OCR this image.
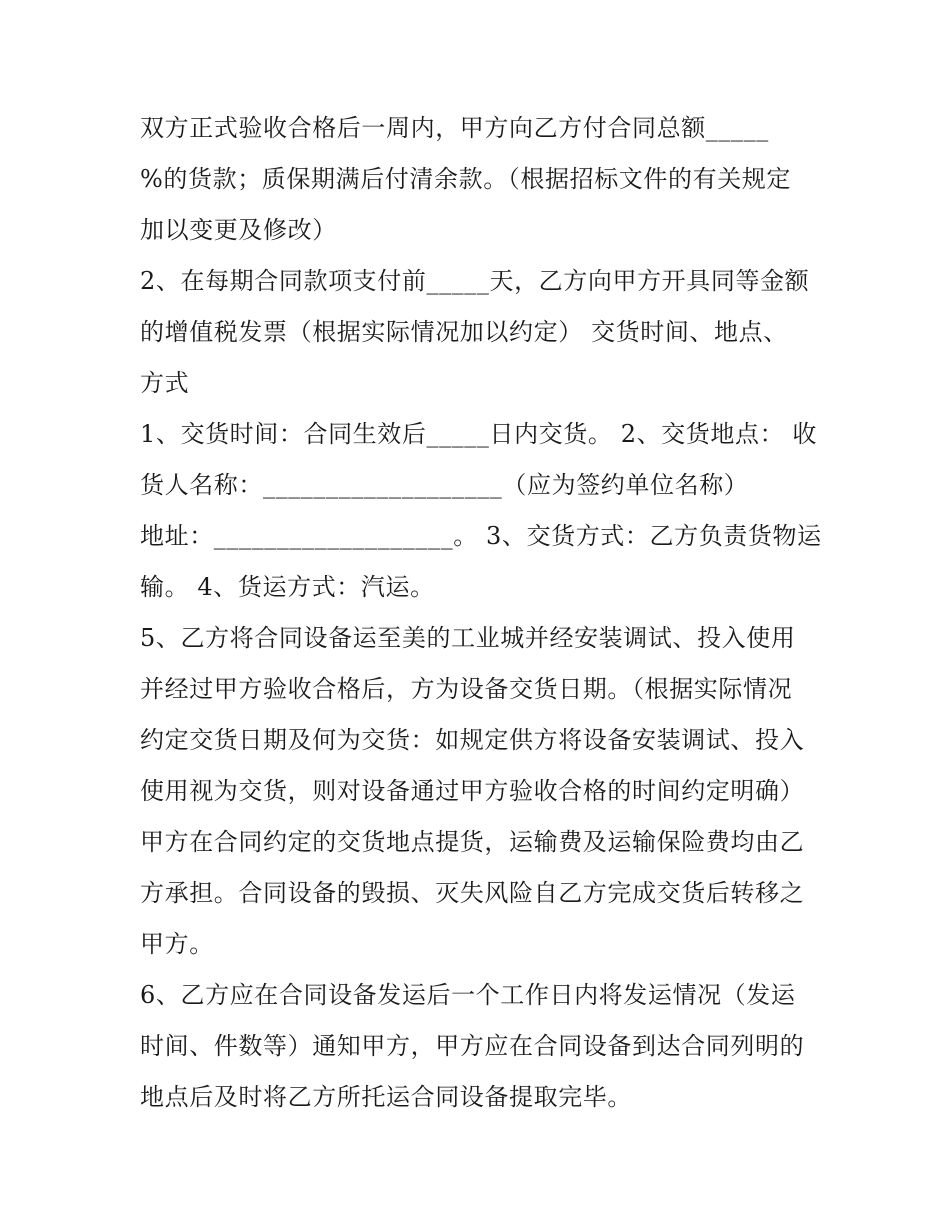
双方正式验收合格后一周内，甲方向乙方付合同总额_____
%的货款；质保期满后付清余款。（根据招标文件的有关规定
加以变更及修改）
2、在每期合同款项支付前_____天，乙方向甲方开具同等金额
的增值税发票（根据实际情况加以约定） 交货时间、地点、
方式
1、交货时间：合同生效后_____日内交货。 2、交货地点： 收
货人名称：___________________（应为签约单位名称）
地址：___________________。 3、交货方式：乙方负责货物运
输。 4、货运方式：汽运。
5、乙方将合同设备运至美的工业城并经安装调试、投入使用
并经过甲方验收合格后，方为设备交货日期。（根据实际情况
约定交货日期及何为交货：如规定供方将设备安装调试、投入
使用视为交货，则对设备通过甲方验收合格的时间约定明确）
甲方在合同约定的交货地点提货，运输费及运输保险费均由乙
方承担。合同设备的毁损、灭失风险自乙方完成交货后转移之
甲方。
6、乙方应在合同设备发运后一个工作日内将发运情况（发运
时间、件数等）通知甲方，甲方应在合同设备到达合同列明的
地点后及时将乙方所托运合同设备提取完毕。
